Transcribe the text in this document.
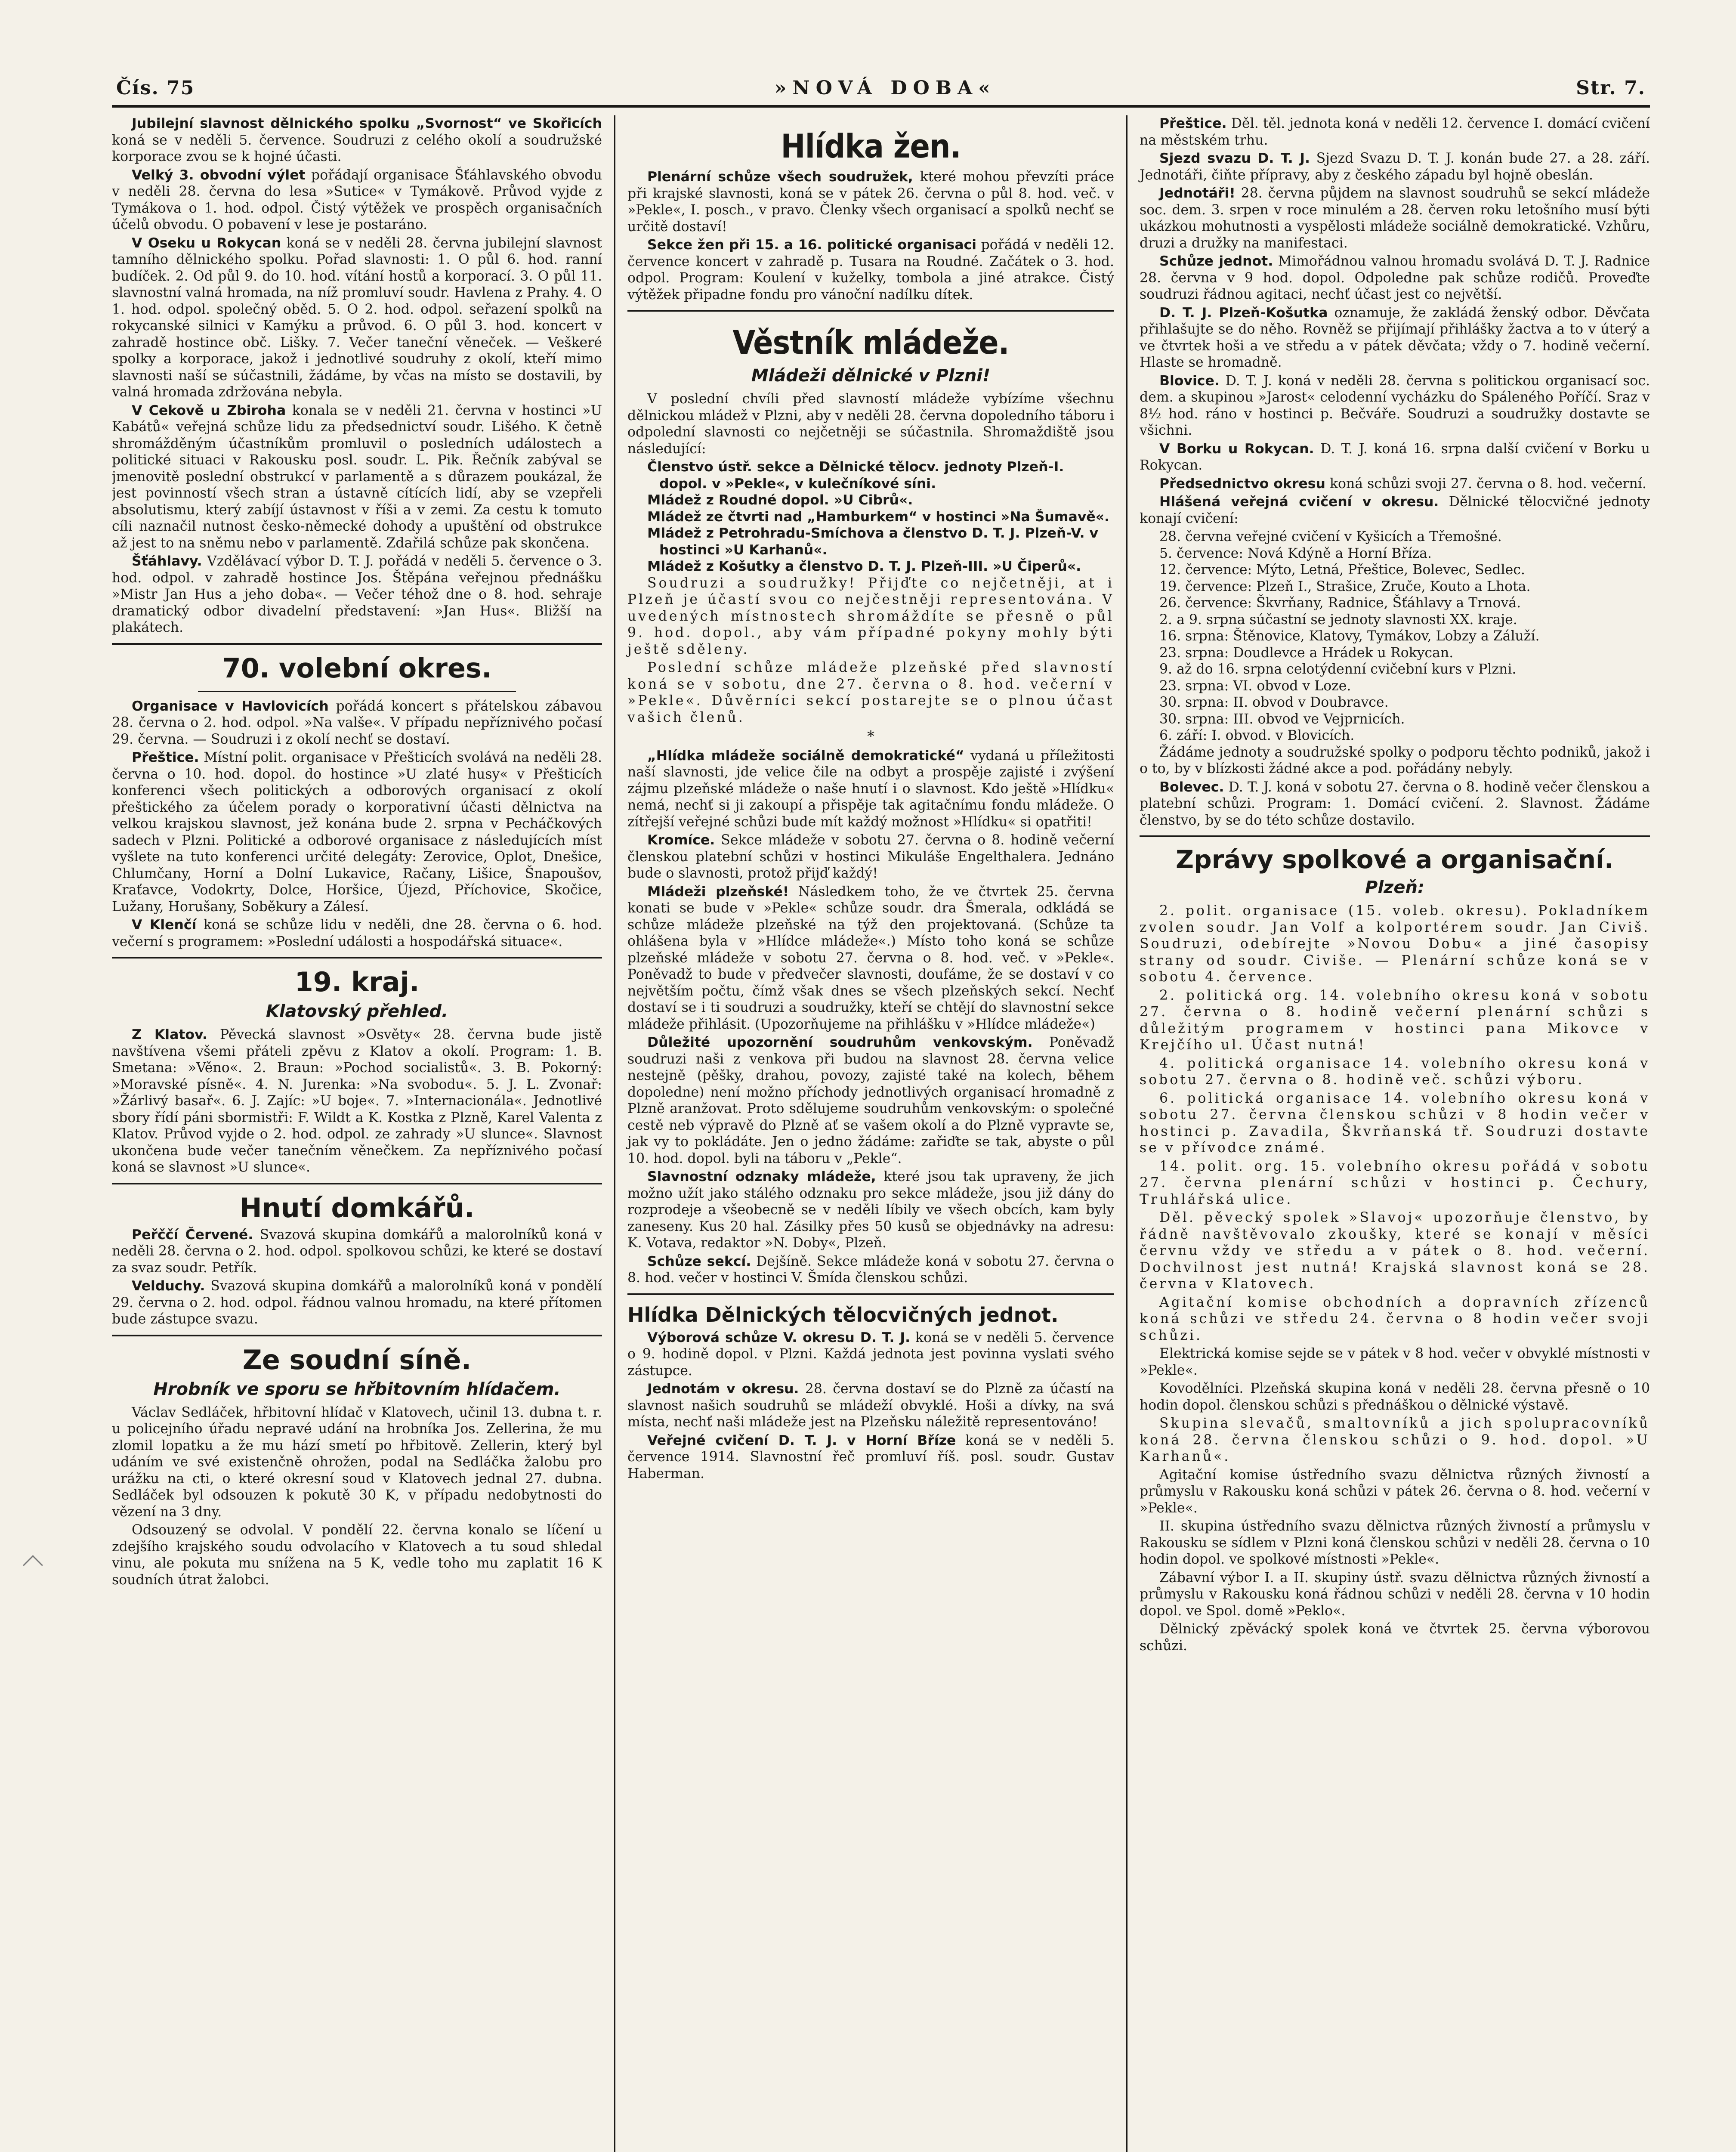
Čís. 75	»NOVÁ DOBA«	Str. 7.

Jubilejní slavnost dělnického spolku „Svornost“ ve Skořicích koná se v neděli 5. července. Soudruzi z celého okolí a soudružské korporace zvou se k hojné účasti.

Velký 3. obvodní výlet pořádají organisace Šťáhlavského obvodu v neděli 28. června do lesa »Sutice« v Tymákově. Průvod vyjde z Tymákova o 1. hod. odpol. Čistý výtěžek ve prospěch organisačních účelů obvodu. O pobavení v lese je postaráno.

V Oseku u Rokycan koná se v neděli 28. června jubilejní slavnost tamního dělnického spolku. Pořad slavnosti: 1. O půl 6. hod. ranní budíček. 2. Od půl 9. do 10. hod. vítání hostů a korporací. 3. O půl 11. slavnostní valná hromada, na níž promluví soudr. Havlena z Prahy. 4. O 1. hod. odpol. společný oběd. 5. O 2. hod. odpol. seřazení spolků na rokycanské silnici v Kamýku a průvod. 6. O půl 3. hod. koncert v zahradě hostince obč. Lišky. 7. Večer taneční věneček. — Veškeré spolky a korporace, jakož i jednotlivé soudruhy z okolí, kteří mimo slavnosti naší se súčastnili, žádáme, by včas na místo se dostavili, by valná hromada zdržována nebyla.

V Cekově u Zbiroha konala se v neděli 21. června v hostinci »U Kabátů« veřejná schůze lidu za předsednictví soudr. Lišého. K četně shromážděným účastníkům promluvil o posledních událostech a politické situaci v Rakousku posl. soudr. L. Pik. Řečník zabýval se jmenovitě poslední obstrukcí v parlamentě a s důrazem poukázal, že jest povinností všech stran a ústavně cítících lidí, aby se vzepřeli absolutismu, který zabíjí ústavnost v říši a v zemi. Za cestu k tomuto cíli naznačil nutnost česko-německé dohody a upuštění od obstrukce až jest to na sněmu nebo v parlamentě. Zdařilá schůze pak skončena.

Šťáhlavy. Vzdělávací výbor D. T. J. pořádá v neděli 5. července o 3. hod. odpol. v zahradě hostince Jos. Štěpána veřejnou přednášku »Mistr Jan Hus a jeho doba«. — Večer téhož dne o 8. hod. sehraje dramatický odbor divadelní představení: »Jan Hus«. Bližší na plakátech.

70. volební okres.

Organisace v Havlovicích pořádá koncert s přátelskou zábavou 28. června o 2. hod. odpol. »Na valše«. V případu nepříznivého počasí 29. června. — Soudruzi i z okolí nechť se dostaví.

Přeštice. Místní polit. organisace v Přešticích svolává na neděli 28. června o 10. hod. dopol. do hostince »U zlaté husy« v Přešticích konferenci všech politických a odborových organisací z okolí přeštického za účelem porady o korporativní účasti dělnictva na velkou krajskou slavnost, jež konána bude 2. srpna v Pecháčkových sadech v Plzni. Politické a odborové organisace z následujících míst vyšlete na tuto konferenci určité delegáty: Zerovice, Oplot, Dnešice, Chlumčany, Horní a Dolní Lukavice, Račany, Lišice, Šnapoušov, Kraťavce, Vodokrty, Dolce, Horšice, Újezd, Příchovice, Skočice, Lužany, Horušany, Soběkury a Zálesí.

V Klenčí koná se schůze lidu v neděli, dne 28. června o 6. hod. večerní s programem: »Poslední události a hospodářská situace«.

19. kraj.
Klatovský přehled.

Z Klatov. Pěvecká slavnost »Osvěty« 28. června bude jistě navštívena všemi přáteli zpěvu z Klatov a okolí. Program: 1. B. Smetana: »Věno«. 2. Braun: »Pochod socialistů«. 3. B. Pokorný: »Moravské písně«. 4. N. Jurenka: »Na svobodu«. 5. J. L. Zvonař: »Žárlivý basař«. 6. J. Zajíc: »U boje«. 7. »Internacionála«. Jednotlivé sbory řídí páni sbormistři: F. Wildt a K. Kostka z Plzně, Karel Valenta z Klatov. Průvod vyjde o 2. hod. odpol. ze zahrady »U slunce«. Slavnost ukončena bude večer tanečním věnečkem. Za nepříznivého počasí koná se slavnost »U slunce«.

Hnutí domkářů.

Peřččí Červené. Svazová skupina domkářů a malorolníků koná v neděli 28. června o 2. hod. odpol. spolkovou schůzi, ke které se dostaví za svaz soudr. Petřík.

Velduchy. Svazová skupina domkářů a malorolníků koná v pondělí 29. června o 2. hod. odpol. řádnou valnou hromadu, na které přítomen bude zástupce svazu.

Ze soudní síně.
Hrobník ve sporu se hřbitovním hlídačem.

Václav Sedláček, hřbitovní hlídač v Klatovech, učinil 13. dubna t. r. u policejního úřadu nepravé udání na hrobníka Jos. Zellerina, že mu zlomil lopatku a že mu hází smetí po hřbitově. Zellerin, který byl udáním ve své existenčně ohrožen, podal na Sedláčka žalobu pro urážku na cti, o které okresní soud v Klatovech jednal 27. dubna. Sedláček byl odsouzen k pokutě 30 K, v případu nedobytnosti do vězení na 3 dny.

Odsouzený se odvolal. V pondělí 22. června konalo se líčení u zdejšího krajského soudu odvolacího v Klatovech a tu soud shledal vinu, ale pokuta mu snížena na 5 K, vedle toho mu zaplatit 16 K soudních útrat žalobci.

Hlídka žen.

Plenární schůze všech soudružek, které mohou převzíti práce při krajské slavnosti, koná se v pátek 26. června o půl 8. hod. več. v »Pekle«, I. posch., v pravo. Členky všech organisací a spolků nechť se určitě dostaví!

Sekce žen při 15. a 16. politické organisaci pořádá v neděli 12. července koncert v zahradě p. Tusara na Roudné. Začátek o 3. hod. odpol. Program: Koulení v kuželky, tombola a jiné atrakce. Čistý výtěžek připadne fondu pro vánoční nadílku dítek.

Věstník mládeže.
Mládeži dělnické v Plzni!

V poslední chvíli před slavností mládeže vybízíme všechnu dělnickou mládež v Plzni, aby v neděli 28. června dopoledního táboru i odpolední slavnosti co nejčetněji se súčastnila. Shromaždiště jsou následující:

Členstvo ústř. sekce a Dělnické tělocv. jednoty Plzeň-I. dopol. v »Pekle«, v kulečníkové síni.

Mládež z Roudné dopol. »U Cibrů«.

Mládež ze čtvrti nad „Hamburkem“ v hostinci »Na Šumavě«.

Mládež z Petrohradu-Smíchova a členstvo D. T. J. Plzeň-V. v hostinci »U Karhanů«.

Mládež z Košutky a členstvo D. T. J. Plzeň-III. »U Čiperů«.

Soudruzi a soudružky! Přijďte co nejčetněji, at i Plzeň je účastí svou co nejčestněji representována. V uvedených místnostech shromáždíte se přesně o půl 9. hod. dopol., aby vám případné pokyny mohly býti ještě sděleny.

Poslední schůze mládeže plzeňské před slavností koná se v sobotu, dne 27. června o 8. hod. večerní v »Pekle«. Důvěrníci sekcí postarejte se o plnou účast vašich členů.

*

„Hlídka mládeže sociálně demokratické“ vydaná u příležitosti naší slavnosti, jde velice čile na odbyt a prospěje zajisté i zvýšení zájmu plzeňské mládeže o naše hnutí i o slavnost. Kdo ještě »Hlídku« nemá, nechť si ji zakoupí a přispěje tak agitačnímu fondu mládeže. O zítřejší veřejné schůzi bude mít každý možnost »Hlídku« si opatřiti!

Kromíce. Sekce mládeže v sobotu 27. června o 8. hodině večerní členskou platební schůzi v hostinci Mikuláše Engelthalera. Jednáno bude o slavnosti, protož přijď každý!

Mládeži plzeňské! Následkem toho, že ve čtvrtek 25. června konati se bude v »Pekle« schůze soudr. dra Šmerala, odkládá se schůze mládeže plzeňské na týž den projektovaná. (Schůze ta ohlášena byla v »Hlídce mládeže«.) Místo toho koná se schůze plzeňské mládeže v sobotu 27. června o 8. hod. več. v »Pekle«. Poněvadž to bude v předvečer slavnosti, doufáme, že se dostaví v co největším počtu, čímž však dnes se všech plzeňských sekcí. Nechť dostaví se i ti soudruzi a soudružky, kteří se chtějí do slavnostní sekce mládeže přihlásit. (Upozorňujeme na přihlášku v »Hlídce mládeže«)

Důležité upozornění soudruhům venkovským. Poněvadž soudruzi naši z venkova při budou na slavnost 28. června velice nestejně (pěšky, drahou, povozy, zajisté také na kolech, během dopoledne) není možno příchody jednotlivých organisací hromadně z Plzně aranžovat. Proto sdělujeme soudruhům venkovským: o společné cestě neb výpravě do Plzně ať se vašem okolí a do Plzně vypravte se, jak vy to pokládáte. Jen o jedno žádáme: zařiďte se tak, abyste o půl 10. hod. dopol. byli na táboru v „Pekle“.

Slavnostní odznaky mládeže, které jsou tak upraveny, že jich možno užít jako stálého odznaku pro sekce mládeže, jsou již dány do rozprodeje a všeobecně se v neděli líbily ve všech obcích, kam byly zaneseny. Kus 20 hal. Zásilky přes 50 kusů se objednávky na adresu: K. Votava, redaktor »N. Doby«, Plzeň.

Schůze sekcí. Dejšíně. Sekce mládeže koná v sobotu 27. června o 8. hod. večer v hostinci V. Šmída členskou schůzi.

Hlídka Dělnických tělocvičných jednot.

Výborová schůze V. okresu D. T. J. koná se v neděli 5. července o 9. hodině dopol. v Plzni. Každá jednota jest povinna vyslati svého zástupce.

Jednotám v okresu. 28. června dostaví se do Plzně za účastí na slavnost našich soudruhů se mládeží obvyklé. Hoši a dívky, na svá místa, nechť naši mládeže jest na Plzeňsku náležitě representováno!

Veřejné cvičení D. T. J. v Horní Bříze koná se v neděli 5. července 1914. Slavnostní řeč promluví říš. posl. soudr. Gustav Haberman.

Přeštice. Děl. těl. jednota koná v neděli 12. července I. domácí cvičení na městském trhu.

Sjezd svazu D. T. J. Sjezd Svazu D. T. J. konán bude 27. a 28. září. Jednotáři, čiňte přípravy, aby z českého západu byl hojně obeslán.

Jednotáři! 28. června půjdem na slavnost soudruhů se sekcí mládeže soc. dem. 3. srpen v roce minulém a 28. červen roku letošního musí býti ukázkou mohutnosti a vyspělosti mládeže sociálně demokratické. Vzhůru, druzi a družky na manifestaci.

Schůze jednot. Mimořádnou valnou hromadu svolává D. T. J. Radnice 28. června v 9 hod. dopol. Odpoledne pak schůze rodičů. Proveďte soudruzi řádnou agitaci, nechť účast jest co největší.

D. T. J. Plzeň-Košutka oznamuje, že zakládá ženský odbor. Děvčata přihlašujte se do něho. Rovněž se přijímají přihlášky žactva a to v úterý a ve čtvrtek hoši a ve středu a v pátek děvčata; vždy o 7. hodině večerní. Hlaste se hromadně.

Blovice. D. T. J. koná v neděli 28. června s politickou organisací soc. dem. a skupinou »Jarost« celodenní vycházku do Spáleného Poříčí. Sraz v 8½ hod. ráno v hostinci p. Bečváře. Soudruzi a soudružky dostavte se všichni.

V Borku u Rokycan. D. T. J. koná 16. srpna další cvičení v Borku u Rokycan.

Předsednictvo okresu koná schůzi svoji 27. června o 8. hod. večerní.

Hlášená veřejná cvičení v okresu. Dělnické tělocvičné jednoty konají cvičení:

28. června veřejné cvičení v Kyšicích a Třemošné.

5. července: Nová Kdýně a Horní Bříza.

12. července: Mýto, Letná, Přeštice, Bolevec, Sedlec.

19. července: Plzeň I., Strašice, Zruče, Kouto a Lhota.

26. července: Škvrňany, Radnice, Šťáhlavy a Trnová.

2. a 9. srpna súčastní se jednoty slavnosti XX. kraje.

16. srpna: Štěnovice, Klatovy, Tymákov, Lobzy a Záluží.

23. srpna: Doudlevce a Hrádek u Rokycan.

9. až do 16. srpna celotýdenní cvičební kurs v Plzni.

23. srpna: VI. obvod v Loze.

30. srpna: II. obvod v Doubravce.

30. srpna: III. obvod ve Vejprnicích.

6. září: I. obvod. v Blovicích.

Žádáme jednoty a soudružské spolky o podporu těchto podniků, jakož i o to, by v blízkosti žádné akce a pod. pořádány nebyly.

Bolevec. D. T. J. koná v sobotu 27. června o 8. hodině večer členskou a platební schůzi. Program: 1. Domácí cvičení. 2. Slavnost. Žádáme členstvo, by se do této schůze dostavilo.

Zprávy spolkové a organisační.
Plzeň:

2. polit. organisace (15. voleb. okresu). Pokladníkem zvolen soudr. Jan Volf a kolportérem soudr. Jan Civiš. Soudruzi, odebírejte »Novou Dobu« a jiné časopisy strany od soudr. Civiše. — Plenární schůze koná se v sobotu 4. července.

2. politická org. 14. volebního okresu koná v sobotu 27. června o 8. hodině večerní plenární schůzi s důležitým programem v hostinci pana Mikovce v Krejčího ul. Účast nutná!

4. politická organisace 14. volebního okresu koná v sobotu 27. června o 8. hodině več. schůzi výboru.

6. politická organisace 14. volebního okresu koná v sobotu 27. června členskou schůzi v 8 hodin večer v hostinci p. Zavadila, Škvrňanská tř. Soudruzi dostavte se v přívodce známé.

14. polit. org. 15. volebního okresu pořádá v sobotu 27. června plenární schůzi v hostinci p. Čechury, Truhlářská ulice.

Děl. pěvecký spolek »Slavoj« upozorňuje členstvo, by řádně navštěvovalo zkoušky, které se konají v měsíci červnu vždy ve středu a v pátek o 8. hod. večerní. Dochvilnost jest nutná! Krajská slavnost koná se 28. června v Klatovech.

Agitační komise obchodních a dopravních zřízenců koná schůzi ve středu 24. června o 8 hodin večer svoji schůzi.

Elektrická komise sejde se v pátek v 8 hod. večer v obvyklé místnosti v »Pekle«.

Kovodělníci. Plzeňská skupina koná v neděli 28. června přesně o 10 hodin dopol. členskou schůzi s přednáškou o dělnické výstavě.

Skupina slevačů, smaltovníků a jich spolupracovníků koná 28. června členskou schůzi o 9. hod. dopol. »U Karhanů«.

Agitační komise ústředního svazu dělnictva různých živností a průmyslu v Rakousku koná schůzi v pátek 26. června o 8. hod. večerní v »Pekle«.

II. skupina ústředního svazu dělnictva různých živností a průmyslu v Rakousku se sídlem v Plzni koná členskou schůzi v neděli 28. června o 10 hodin dopol. ve spolkové místnosti »Pekle«.

Zábavní výbor I. a II. skupiny ústř. svazu dělnictva různých živností a průmyslu v Rakousku koná řádnou schůzi v neděli 28. června v 10 hodin dopol. ve Spol. domě »Peklo«.

Dělnický zpěvácký spolek koná ve čtvrtek 25. června výborovou schůzi.
